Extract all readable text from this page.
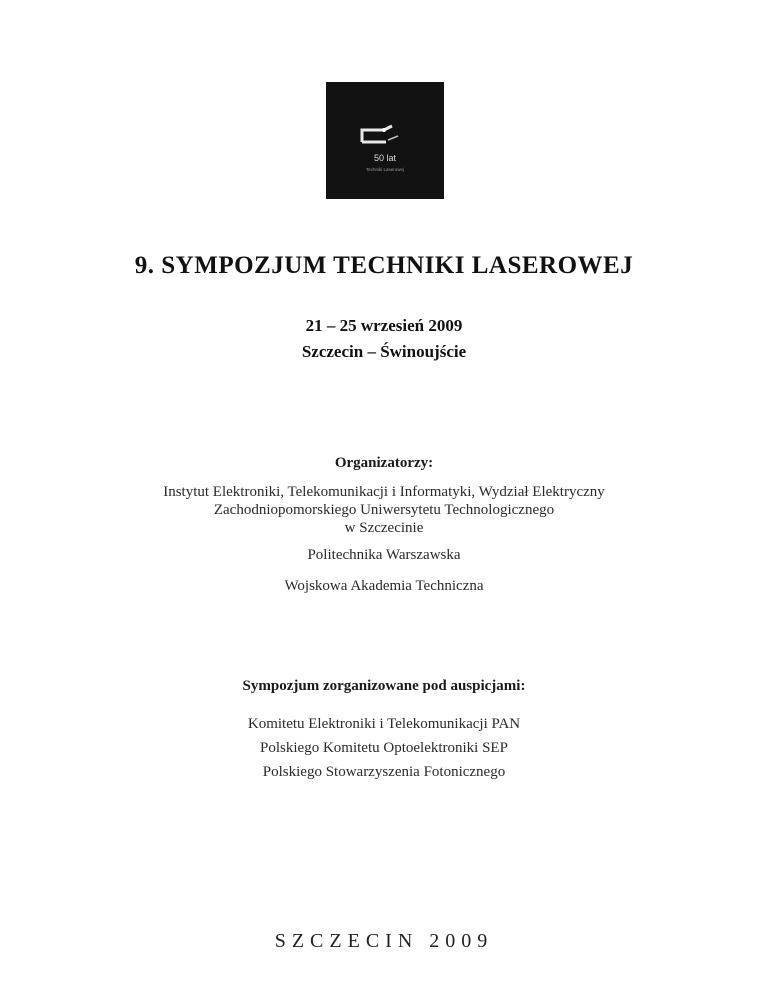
50 lat
Techniki Laserowej
9. SYMPOZJUM TECHNIKI LASEROWEJ
21 – 25 wrzesień 2009
Szczecin – Świnoujście
Organizatorzy:
Instytut Elektroniki, Telekomunikacji i Informatyki, Wydział Elektryczny
Zachodniopomorskiego Uniwersytetu Technologicznego
w Szczecinie
Politechnika Warszawska
Wojskowa Akademia Techniczna
Sympozjum zorganizowane pod auspicjami:
Komitetu Elektroniki i Telekomunikacji PAN
Polskiego Komitetu Optoelektroniki SEP
Polskiego Stowarzyszenia Fotonicznego
SZCZECIN 2009
